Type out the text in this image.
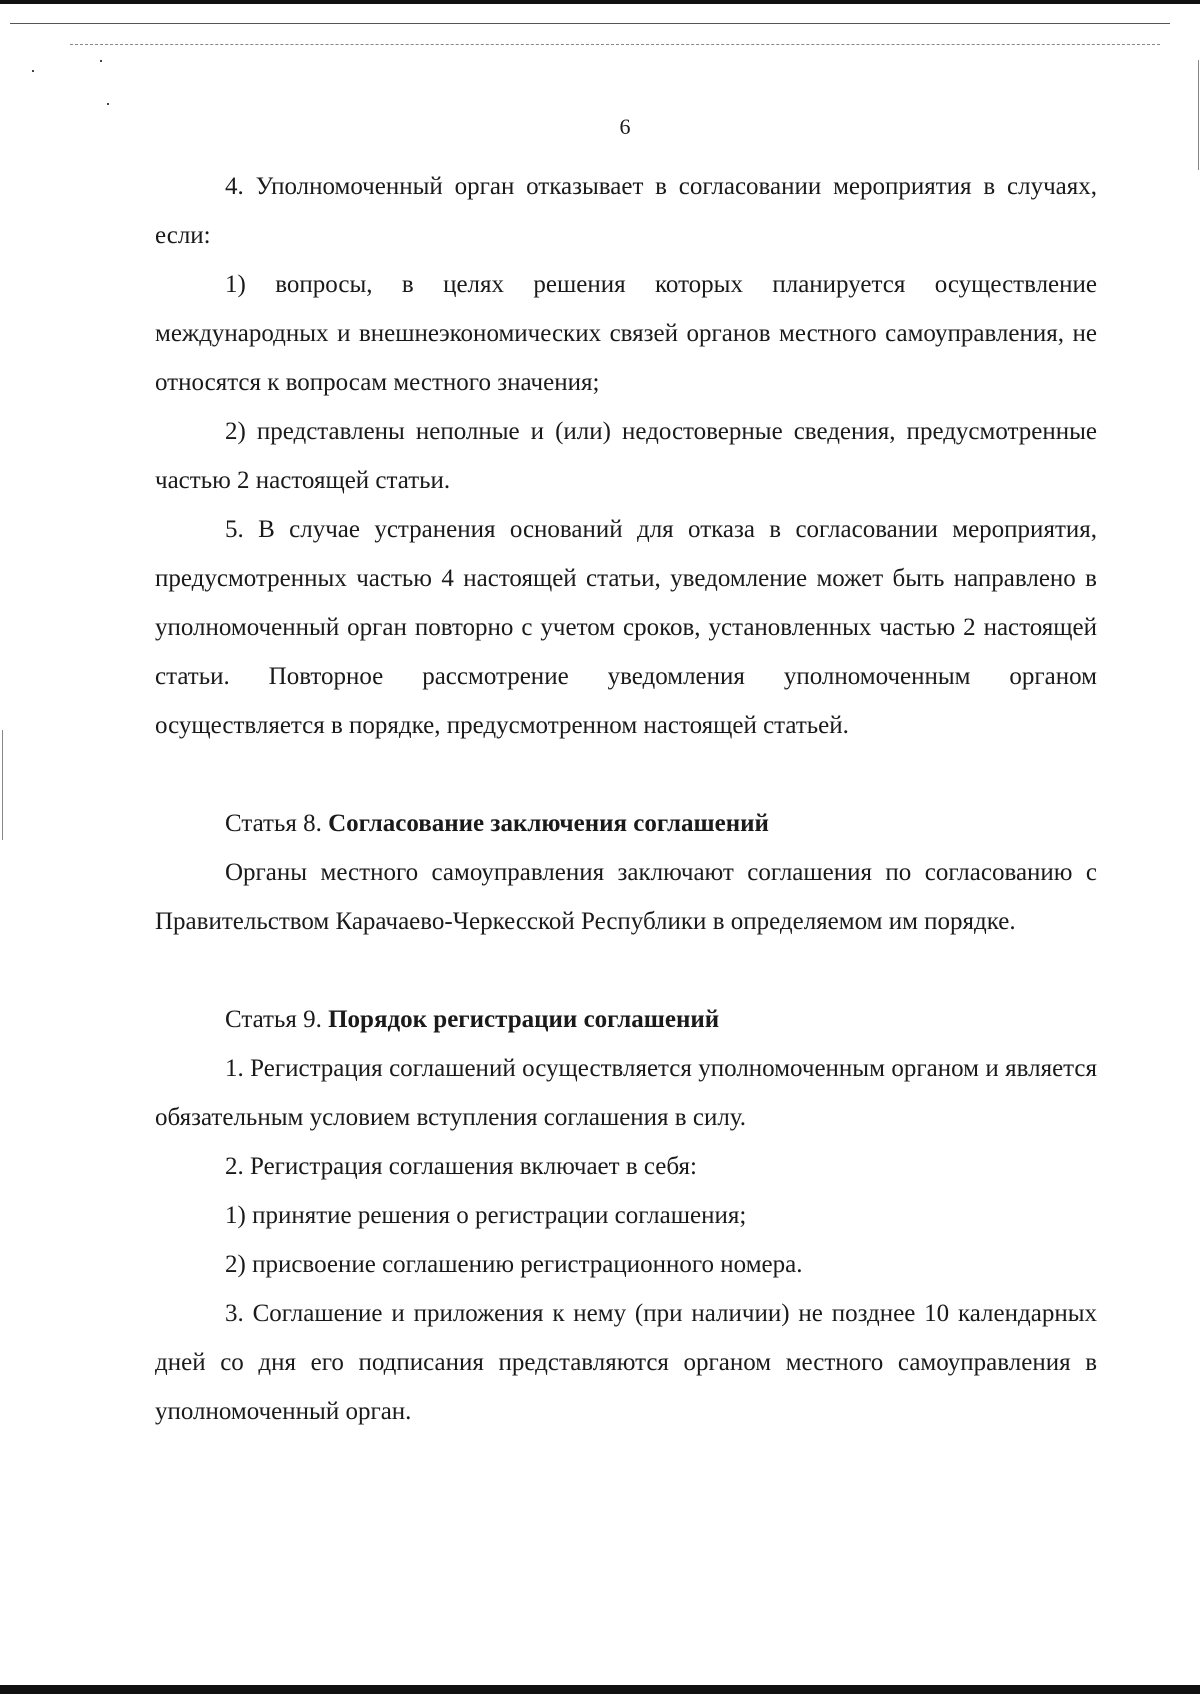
6

4. Уполномоченный орган отказывает в согласовании мероприятия в случаях, если:

1) вопросы, в целях решения которых планируется осуществление международных и внешнеэкономических связей органов местного самоуправления, не относятся к вопросам местного значения;

2) представлены неполные и (или) недостоверные сведения, предусмотренные частью 2 настоящей статьи.

5. В случае устранения оснований для отказа в согласовании мероприятия, предусмотренных частью 4 настоящей статьи, уведомление может быть направлено в уполномоченный орган повторно с учетом сроков, установленных частью 2 настоящей статьи. Повторное рассмотрение уведомления уполномоченным органом осуществляется в порядке, предусмотренном настоящей статьей.

Статья 8. Согласование заключения соглашений

Органы местного самоуправления заключают соглашения по согласованию с Правительством Карачаево-Черкесской Республики в определяемом им порядке.

Статья 9. Порядок регистрации соглашений

1. Регистрация соглашений осуществляется уполномоченным органом и является обязательным условием вступления соглашения в силу.

2. Регистрация соглашения включает в себя:

1) принятие решения о регистрации соглашения;

2) присвоение соглашению регистрационного номера.

3. Соглашение и приложения к нему (при наличии) не позднее 10 календарных дней со дня его подписания представляются органом местного самоуправления в уполномоченный орган.
